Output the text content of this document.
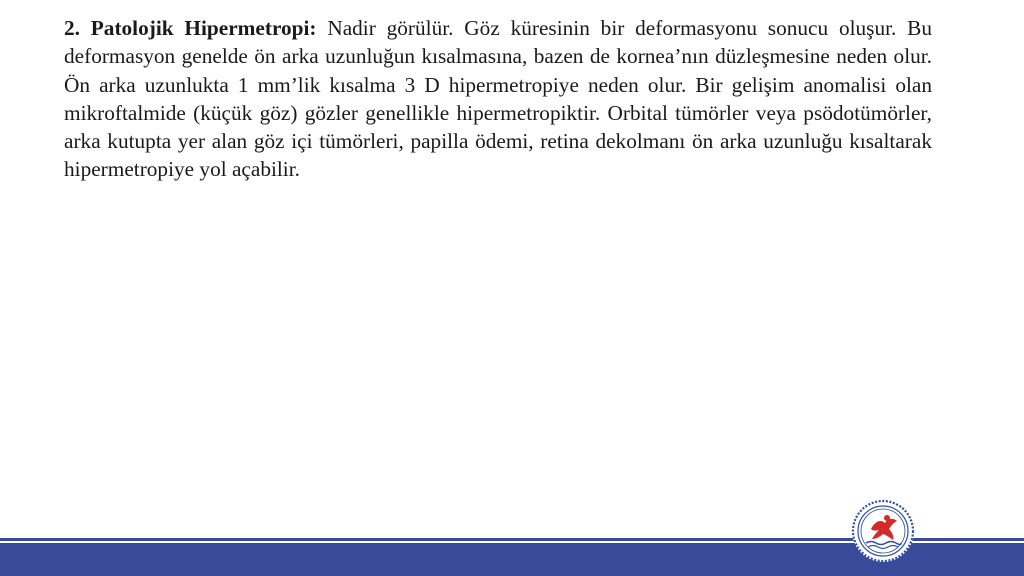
2. Patolojik Hipermetropi: Nadir görülür. Göz küresinin bir deformasyonu sonucu oluşur. Bu deformasyon genelde ön arka uzunluğun kısalmasına, bazen de kornea’nın düzleşmesine neden olur. Ön arka uzunlukta 1 mm’lik kısalma 3 D hipermetropiye neden olur. Bir gelişim anomalisi olan mikroftalmide (küçük göz) gözler genellikle hipermetropiktir. Orbital tümörler veya psödotümörler, arka kutupta yer alan göz içi tümörleri, papilla ödemi, retina dekolmanı ön arka uzunluğu kısaltarak hipermetropiye yol açabilir.
